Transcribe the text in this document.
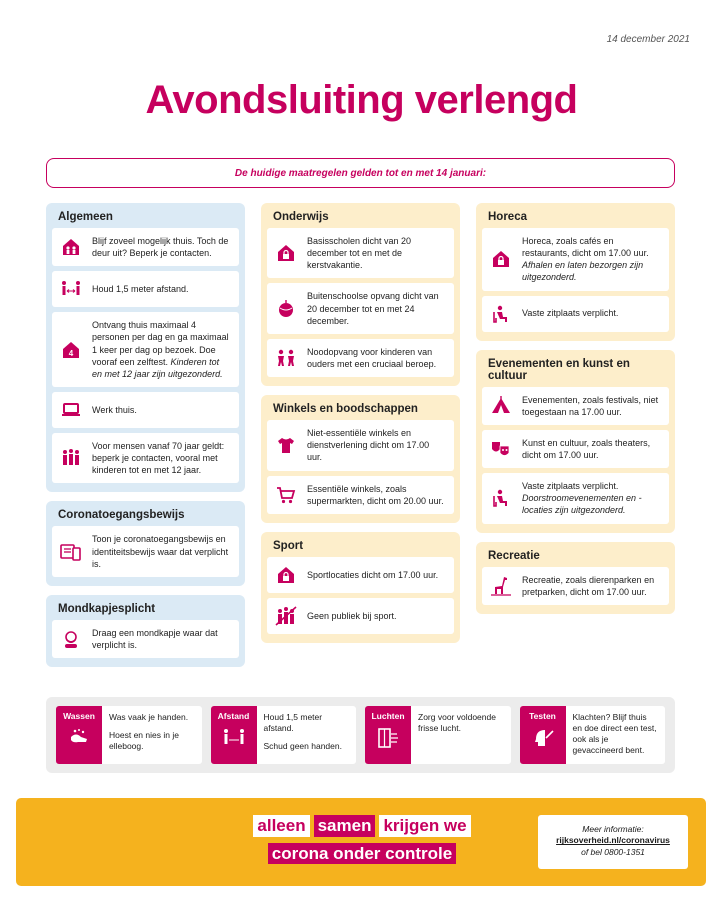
14 december 2021
Avondsluiting verlengd
De huidige maatregelen gelden tot en met 14 januari:
Algemeen
Blijf zoveel mogelijk thuis. Toch de deur uit? Beperk je contacten.
Houd 1,5 meter afstand.
4
Ontvang thuis maximaal 4 personen per dag en ga maximaal 1 keer per dag op bezoek. Doe vooraf een zelftest. Kinderen tot en met 12 jaar zijn uitgezonderd.
Werk thuis.
Voor mensen vanaf 70 jaar geldt: beperk je contacten, vooral met kinderen tot en met 12 jaar.
Coronatoegangsbewijs
Toon je coronatoegangsbewijs en identiteitsbewijs waar dat verplicht is.
Mondkapjesplicht
Draag een mondkapje waar dat verplicht is.
Onderwijs
Basisscholen dicht van 20 december tot en met de kerstvakantie.
Buitenschoolse opvang dicht van 20 december tot en met 24 december.
Noodopvang voor kinderen van ouders met een cruciaal beroep.
Winkels en boodschappen
Niet-essentiële winkels en dienstverlening dicht om 17.00 uur.
Essentiële winkels, zoals supermarkten, dicht om 20.00 uur.
Sport
Sportlocaties dicht om 17.00 uur.
Geen publiek bij sport.
Horeca
Horeca, zoals cafés en restaurants, dicht om 17.00 uur. Afhalen en laten bezorgen zijn uitgezonderd.
Vaste zitplaats verplicht.
Evenementen en kunst en cultuur
Evenementen, zoals festivals, niet toegestaan na 17.00 uur.
Kunst en cultuur, zoals theaters, dicht om 17.00 uur.
Vaste zitplaats verplicht. Doorstroomevenementen en -locaties zijn uitgezonderd.
Recreatie
Recreatie, zoals dierenparken en pretparken, dicht om 17.00 uur.
Wassen Was vaak je handen.

Hoest en nies in je elleboog.

Afstand Houd 1,5 meter afstand.

Schud geen handen.

Luchten Zorg voor voldoende frisse lucht.

Testen Klachten? Blijf thuis en doe direct een test, ook als je gevaccineerd bent.

alleen samen krijgen we
corona onder controle
Meer informatie:
rijksoverheid.nl/coronavirus
of bel 0800-1351
